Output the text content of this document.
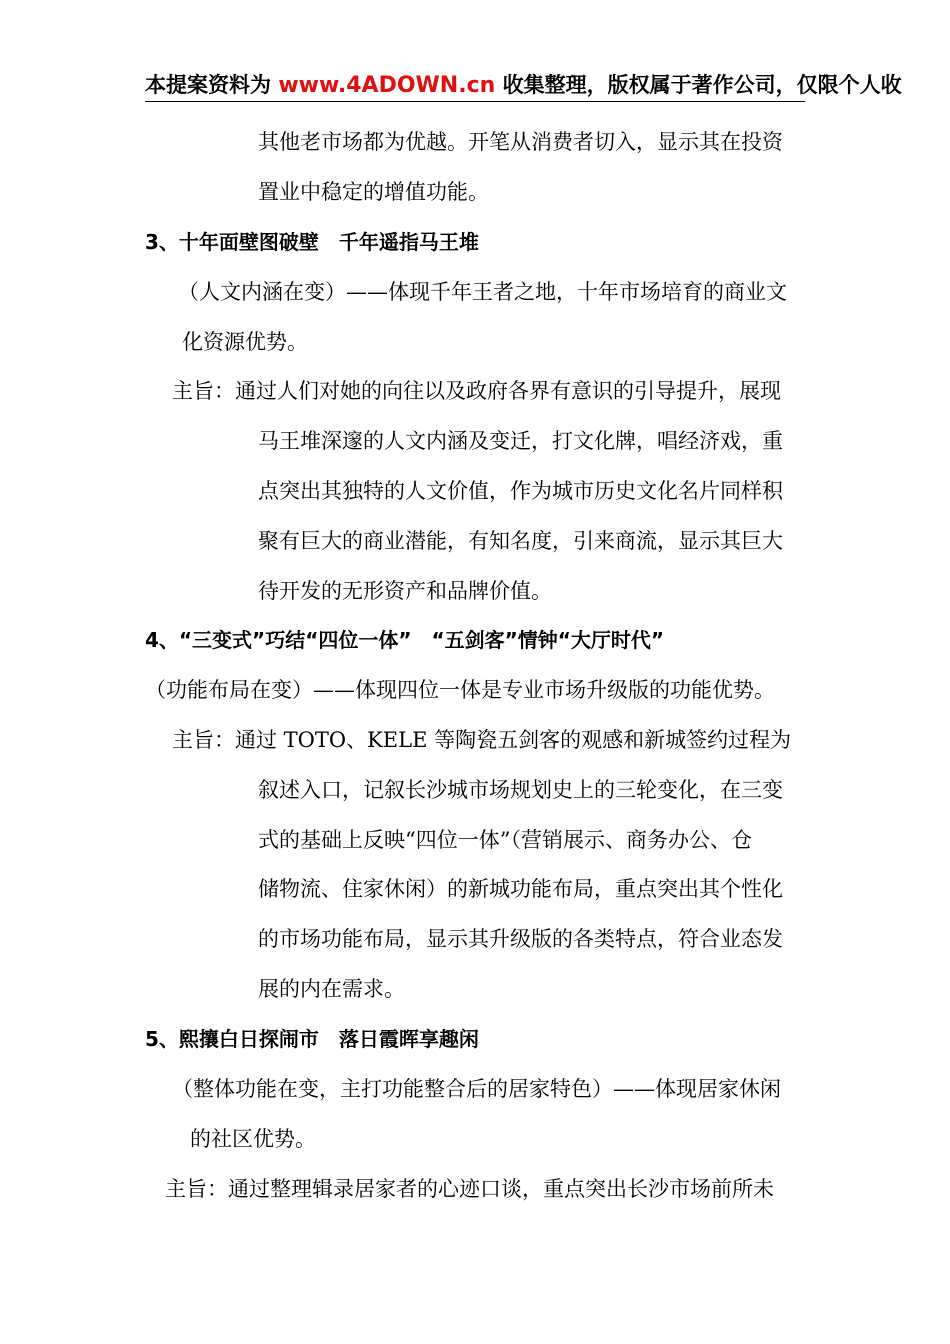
本提案资料为 www.4ADOWN.cn 收集整理，版权属于著作公司，仅限个人收
其他老市场都为优越。开笔从消费者切入，显示其在投资
置业中稳定的增值功能。
3、十年面壁图破壁　千年遥指马王堆
（人文内涵在变）——体现千年王者之地，十年市场培育的商业文
化资源优势。
主旨：通过人们对她的向往以及政府各界有意识的引导提升，展现
马王堆深邃的人文内涵及变迁，打文化牌，唱经济戏，重
点突出其独特的人文价值，作为城市历史文化名片同样积
聚有巨大的商业潜能，有知名度，引来商流，显示其巨大
待开发的无形资产和品牌价值。
4、“三变式”巧结“四位一体”　“五剑客”情钟“大厅时代”
（功能布局在变）——体现四位一体是专业市场升级版的功能优势。
主旨：通过 TOTO、KELE 等陶瓷五剑客的观感和新城签约过程为
叙述入口，记叙长沙城市场规划史上的三轮变化，在三变
式的基础上反映“四位一体”（营销展示、商务办公、仓
储物流、住家休闲）的新城功能布局，重点突出其个性化
的市场功能布局，显示其升级版的各类特点，符合业态发
展的内在需求。
5、熙攘白日探闹市　落日霞晖享趣闲
（整体功能在变，主打功能整合后的居家特色）——体现居家休闲
的社区优势。
主旨：通过整理辑录居家者的心迹口谈，重点突出长沙市场前所未
